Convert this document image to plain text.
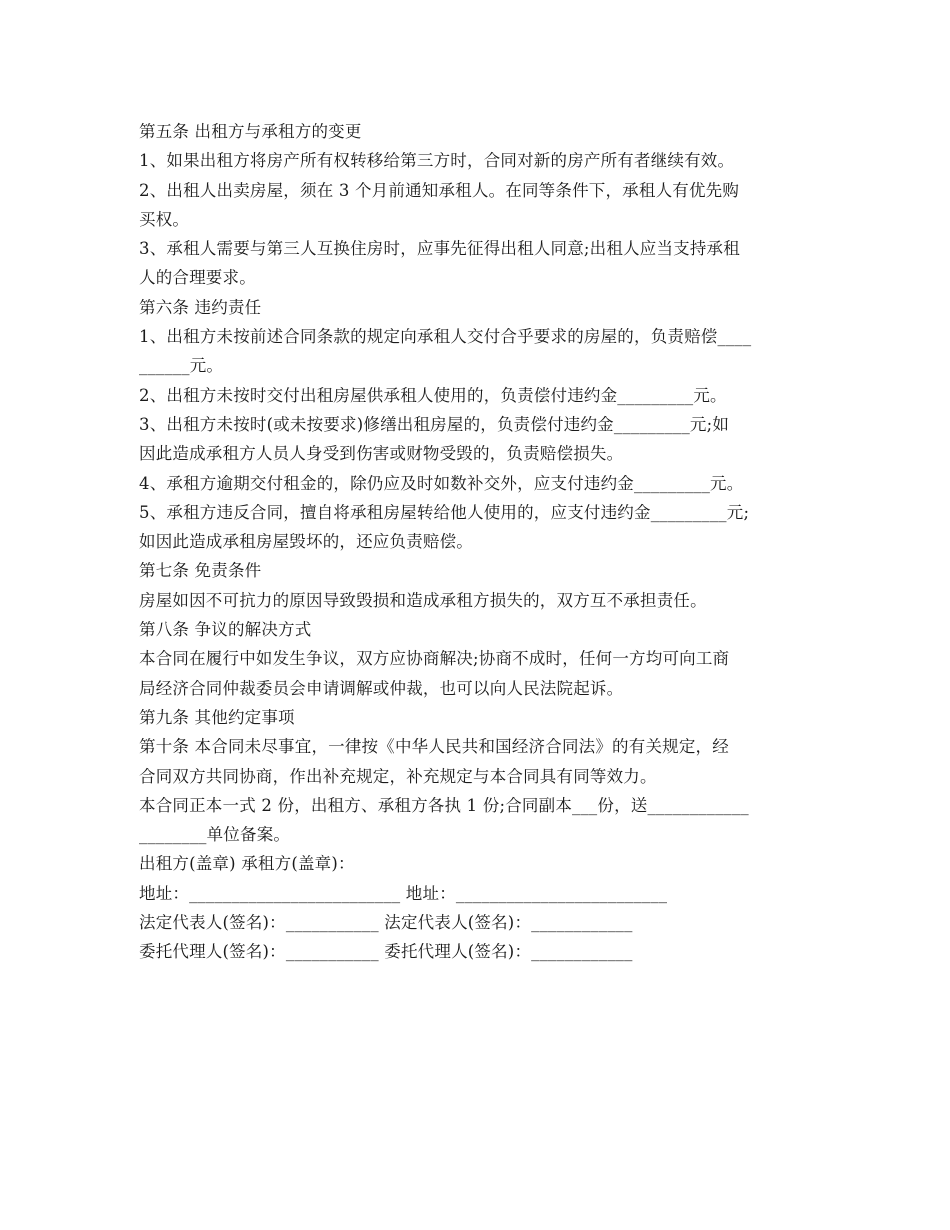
第五条 出租方与承租方的变更
1、如果出租方将房产所有权转移给第三方时，合同对新的房产所有者继续有效。
2、出租人出卖房屋，须在 3 个月前通知承租人。在同等条件下，承租人有优先购
买权。
3、承租人需要与第三人互换住房时，应事先征得出租人同意;出租人应当支持承租
人的合理要求。
第六条 违约责任
1、出租方未按前述合同条款的规定向承租人交付合乎要求的房屋的，负责赔偿____
______元。
2、出租方未按时交付出租房屋供承租人使用的，负责偿付违约金_________元。
3、出租方未按时(或未按要求)修缮出租房屋的，负责偿付违约金_________元;如
因此造成承租方人员人身受到伤害或财物受毁的，负责赔偿损失。
4、承租方逾期交付租金的，除仍应及时如数补交外，应支付违约金_________元。
5、承租方违反合同，擅自将承租房屋转给他人使用的，应支付违约金_________元;
如因此造成承租房屋毁坏的，还应负责赔偿。
第七条 免责条件
房屋如因不可抗力的原因导致毁损和造成承租方损失的，双方互不承担责任。
第八条 争议的解决方式
本合同在履行中如发生争议，双方应协商解决;协商不成时，任何一方均可向工商
局经济合同仲裁委员会申请调解或仲裁，也可以向人民法院起诉。
第九条 其他约定事项
第十条 本合同未尽事宜，一律按《中华人民共和国经济合同法》的有关规定，经
合同双方共同协商，作出补充规定，补充规定与本合同具有同等效力。
本合同正本一式 2 份，出租方、承租方各执 1 份;合同副本___份，送____________
________单位备案。
出租方(盖章) 承租方(盖章)：
地址：_________________________ 地址：_________________________
法定代表人(签名)：___________ 法定代表人(签名)：____________
委托代理人(签名)：___________ 委托代理人(签名)：____________
